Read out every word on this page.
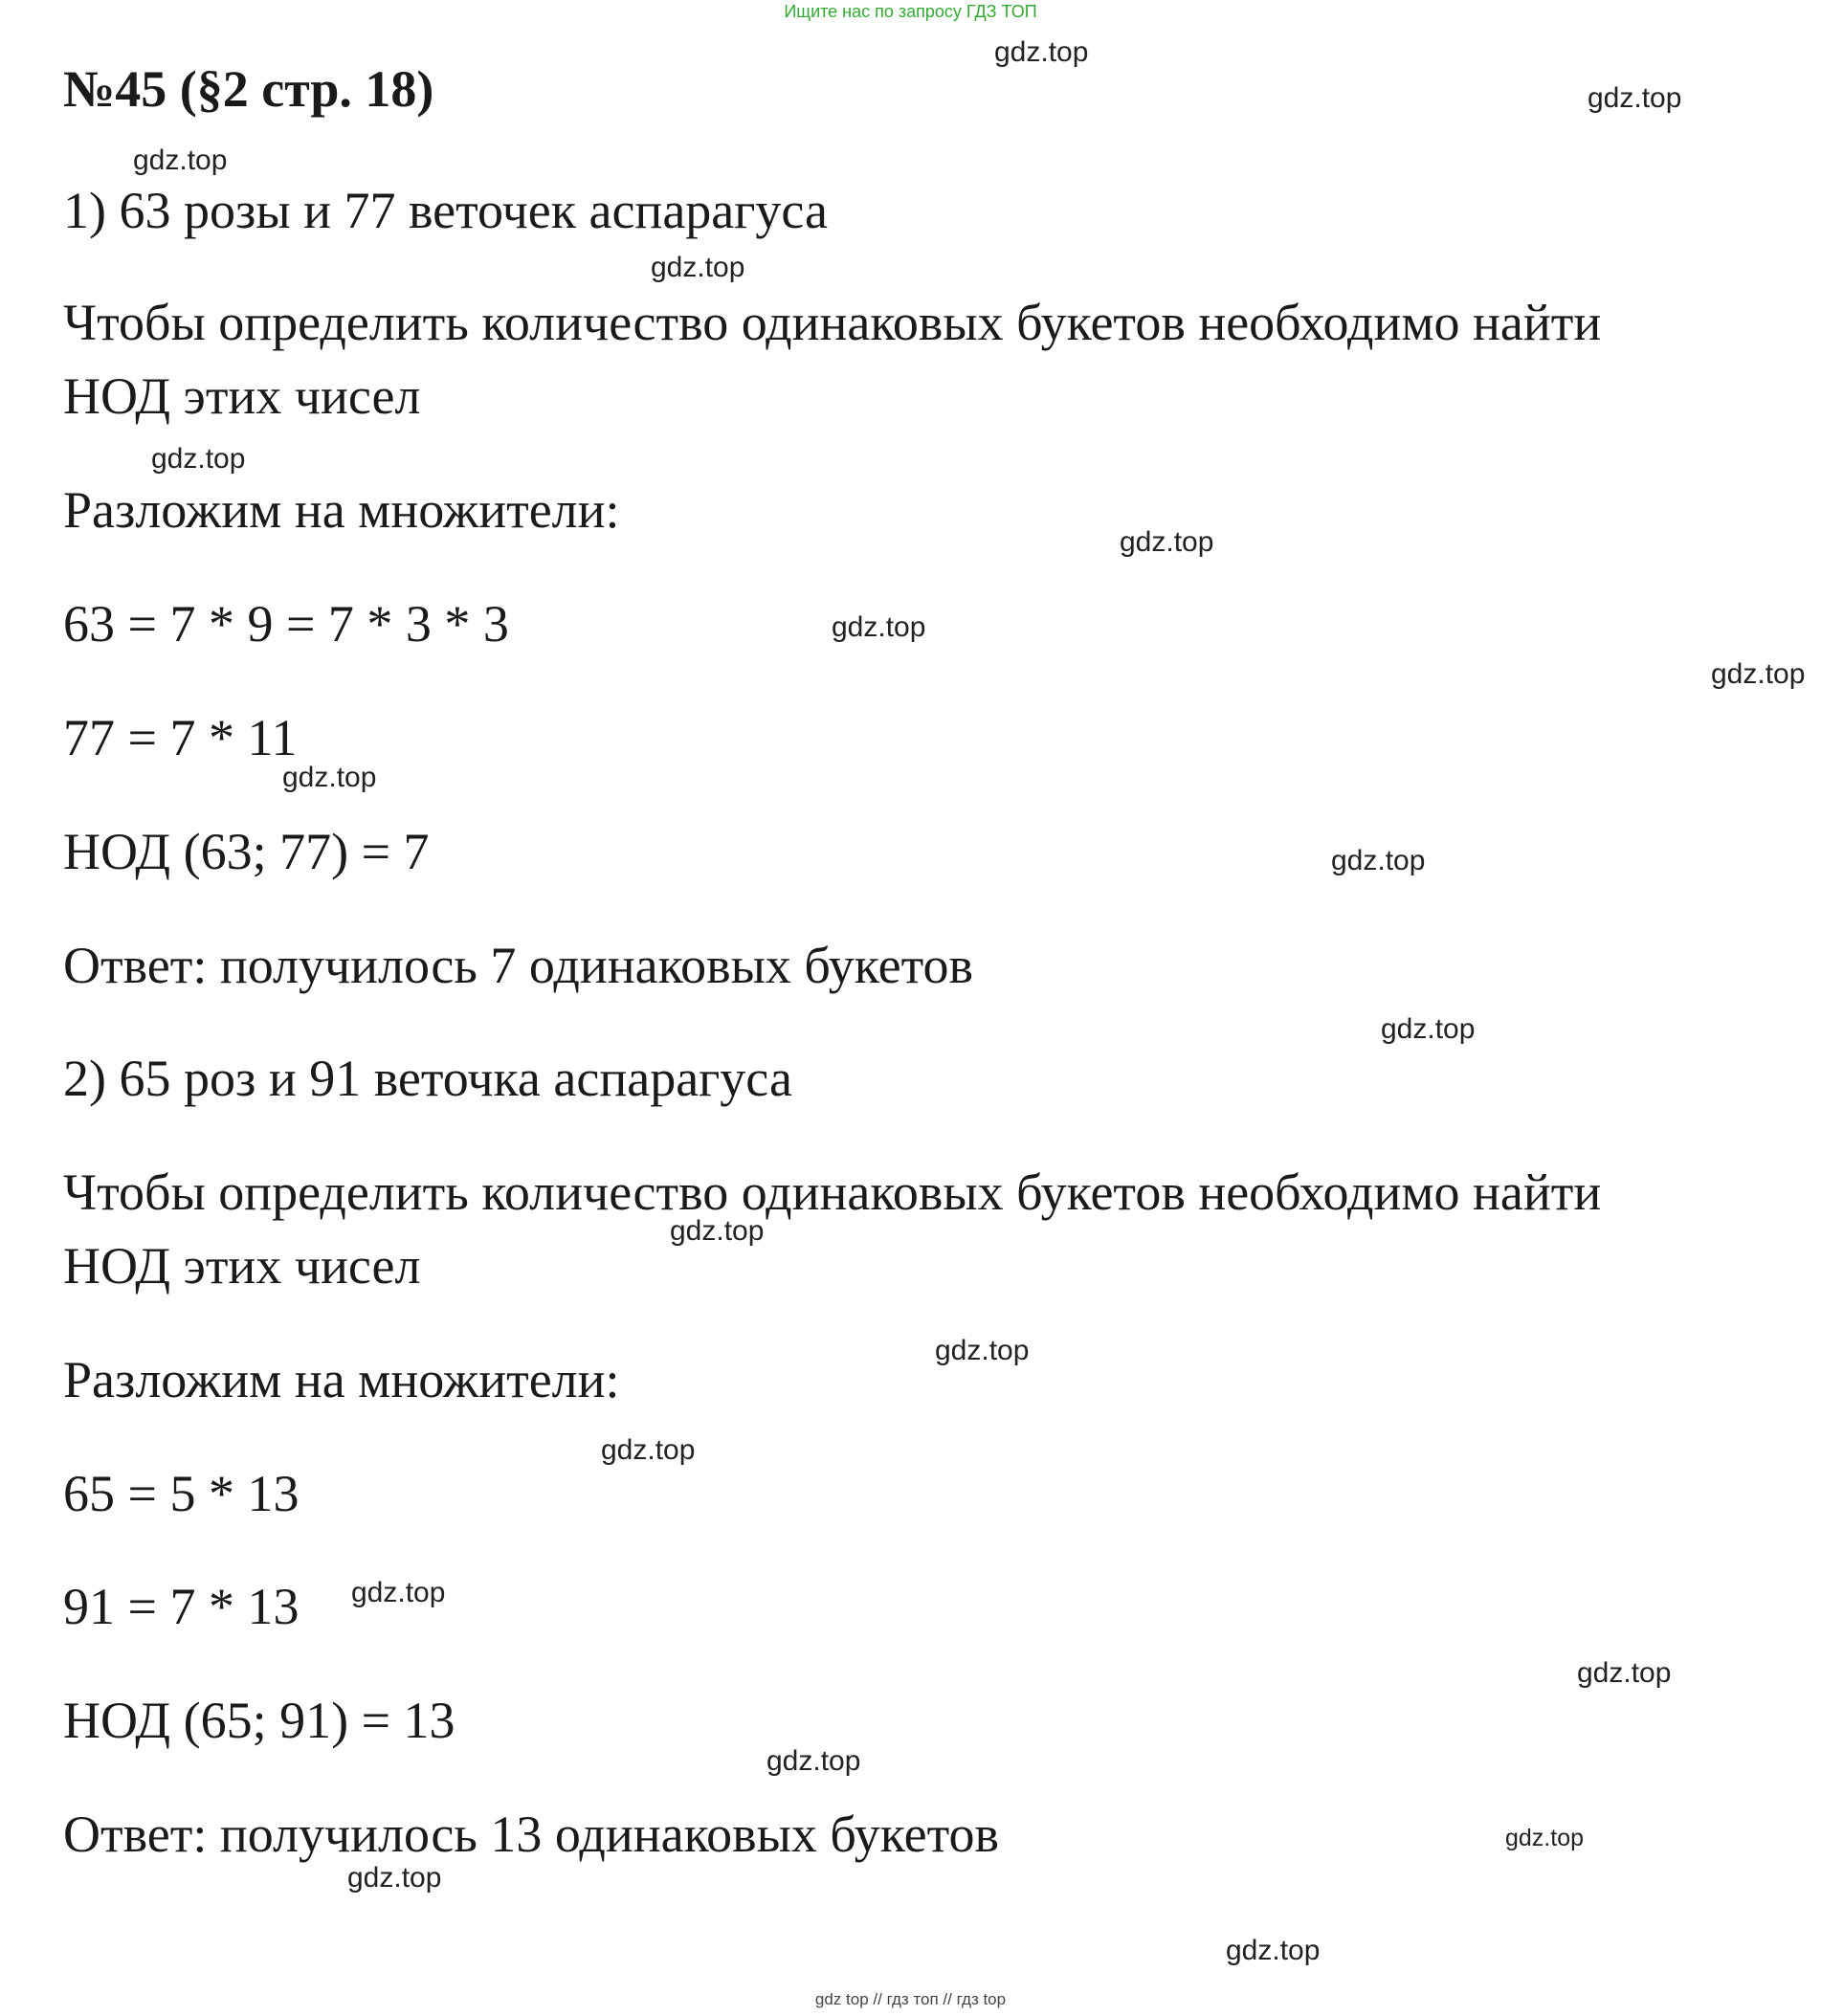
Ищите нас по запросу ГДЗ ТОП
№45 (§2 стр. 18)
1) 63 розы и 77 веточек аспарагуса
Чтобы определить количество одинаковых букетов необходимо найти
НОД этих чисел
Разложим на множители:
63 = 7 * 9 = 7 * 3 * 3
77 = 7 * 11
НОД (63; 77) = 7
Ответ: получилось 7 одинаковых букетов
2) 65 роз и 91 веточка аспарагуса
Чтобы определить количество одинаковых букетов необходимо найти
НОД этих чисел
Разложим на множители:
65 = 5 * 13
91 = 7 * 13
НОД (65; 91) = 13
Ответ: получилось 13 одинаковых букетов
gdz.top
gdz.top
gdz.top
gdz.top
gdz.top
gdz.top
gdz.top
gdz.top
gdz.top
gdz.top
gdz.top
gdz.top
gdz.top
gdz.top
gdz.top
gdz.top
gdz.top
gdz.top
gdz.top
gdz.top
gdz top // гдз топ // гдз top
